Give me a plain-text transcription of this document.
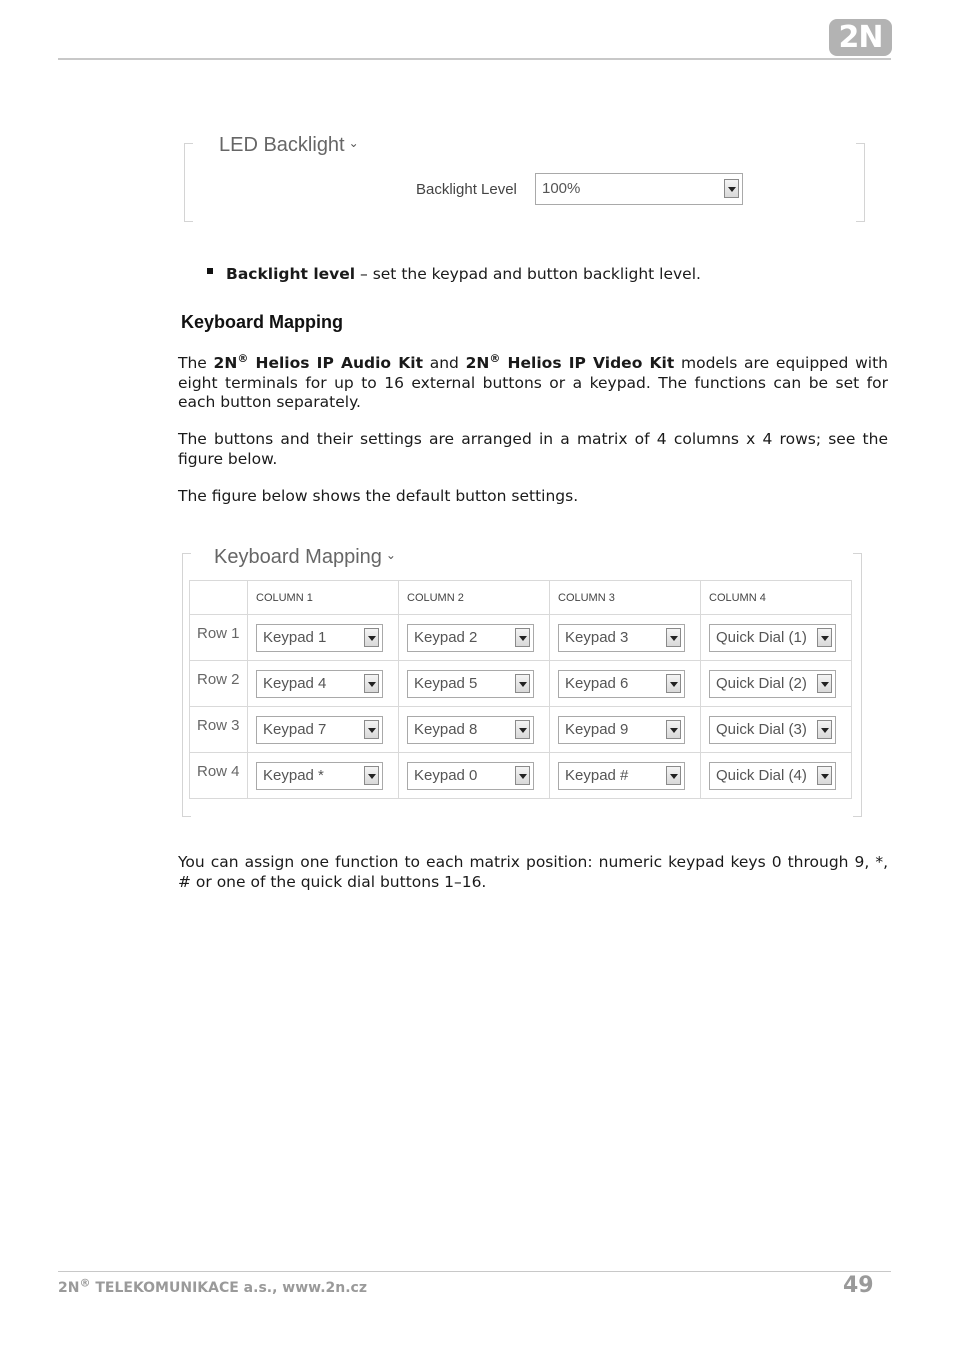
2N
LED Backlight ⌄
Backlight Level 100%
Backlight level – set the keypad and button backlight level.
Keyboard Mapping
The 2N® Helios IP Audio Kit and 2N® Helios IP Video Kit models are equipped with eight terminals for up to 16 external buttons or a keypad. The functions can be set for each button separately.
The buttons and their settings are arranged in a matrix of 4 columns x 4 rows; see the figure below.
The figure below shows the default button settings.
Keyboard Mapping ⌄

	COLUMN 1	COLUMN 2	COLUMN 3	COLUMN 4

Row 1	Keypad 1	Keypad 2	Keypad 3	Quick Dial (1)

Row 2	Keypad 4	Keypad 5	Keypad 6	Quick Dial (2)

Row 3	Keypad 7	Keypad 8	Keypad 9	Quick Dial (3)

Row 4	Keypad *	Keypad 0	Keypad #	Quick Dial (4)
You can assign one function to each matrix position: numeric keypad keys 0 through 9, *, # or one of the quick dial buttons 1–16.
2N® TELEKOMUNIKACE a.s., www.2n.cz	49
